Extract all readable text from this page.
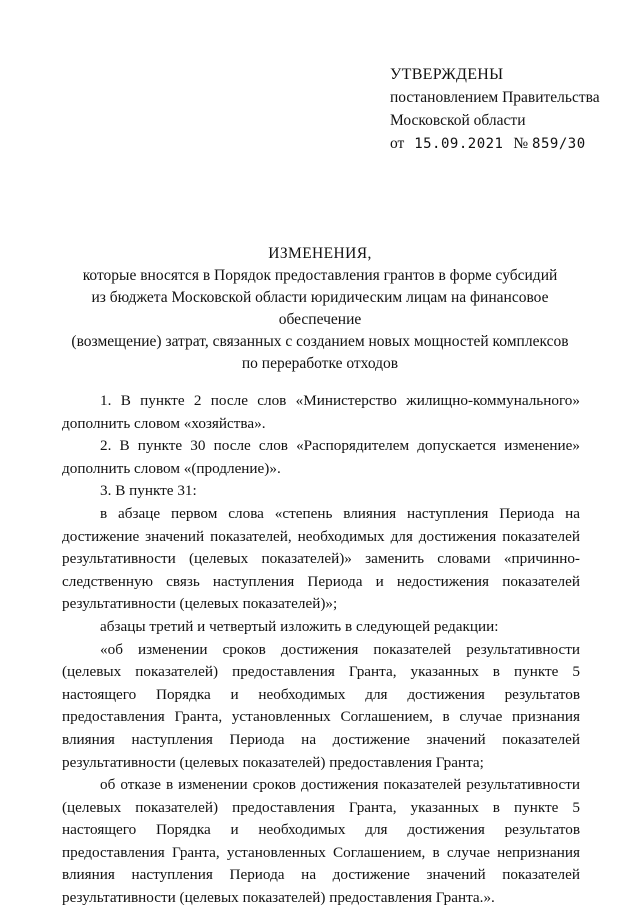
УТВЕРЖДЕНЫ
постановлением Правительства
Московской области
от 15.09.2021 № 859/30
ИЗМЕНЕНИЯ,
которые вносятся в Порядок предоставления грантов в форме субсидий
из бюджета Московской области юридическим лицам на финансовое обеспечение
(возмещение) затрат, связанных с созданием новых мощностей комплексов
по переработке отходов

1. В пункте 2 после слов «Министерство жилищно-коммунального» дополнить словом «хозяйства».

2. В пункте 30 после слов «Распорядителем допускается изменение» дополнить словом «(продление)».

3. В пункте 31:

в абзаце первом слова «степень влияния наступления Периода на достижение значений показателей, необходимых для достижения показателей результативности (целевых показателей)» заменить словами «причинно-следственную связь наступления Периода и недостижения показателей результативности (целевых показателей)»;

абзацы третий и четвертый изложить в следующей редакции:

«об изменении сроков достижения показателей результативности (целевых показателей) предоставления Гранта, указанных в пункте 5 настоящего Порядка и необходимых для достижения результатов предоставления Гранта, установленных Соглашением, в случае признания влияния наступления Периода на достижение значений показателей результативности (целевых показателей) предоставления Гранта;

об отказе в изменении сроков достижения показателей результативности (целевых показателей) предоставления Гранта, указанных в пункте 5 настоящего Порядка и необходимых для достижения результатов предоставления Гранта, установленных Соглашением, в случае непризнания влияния наступления Периода на достижение значений показателей результативности (целевых показателей) предоставления Гранта.».
